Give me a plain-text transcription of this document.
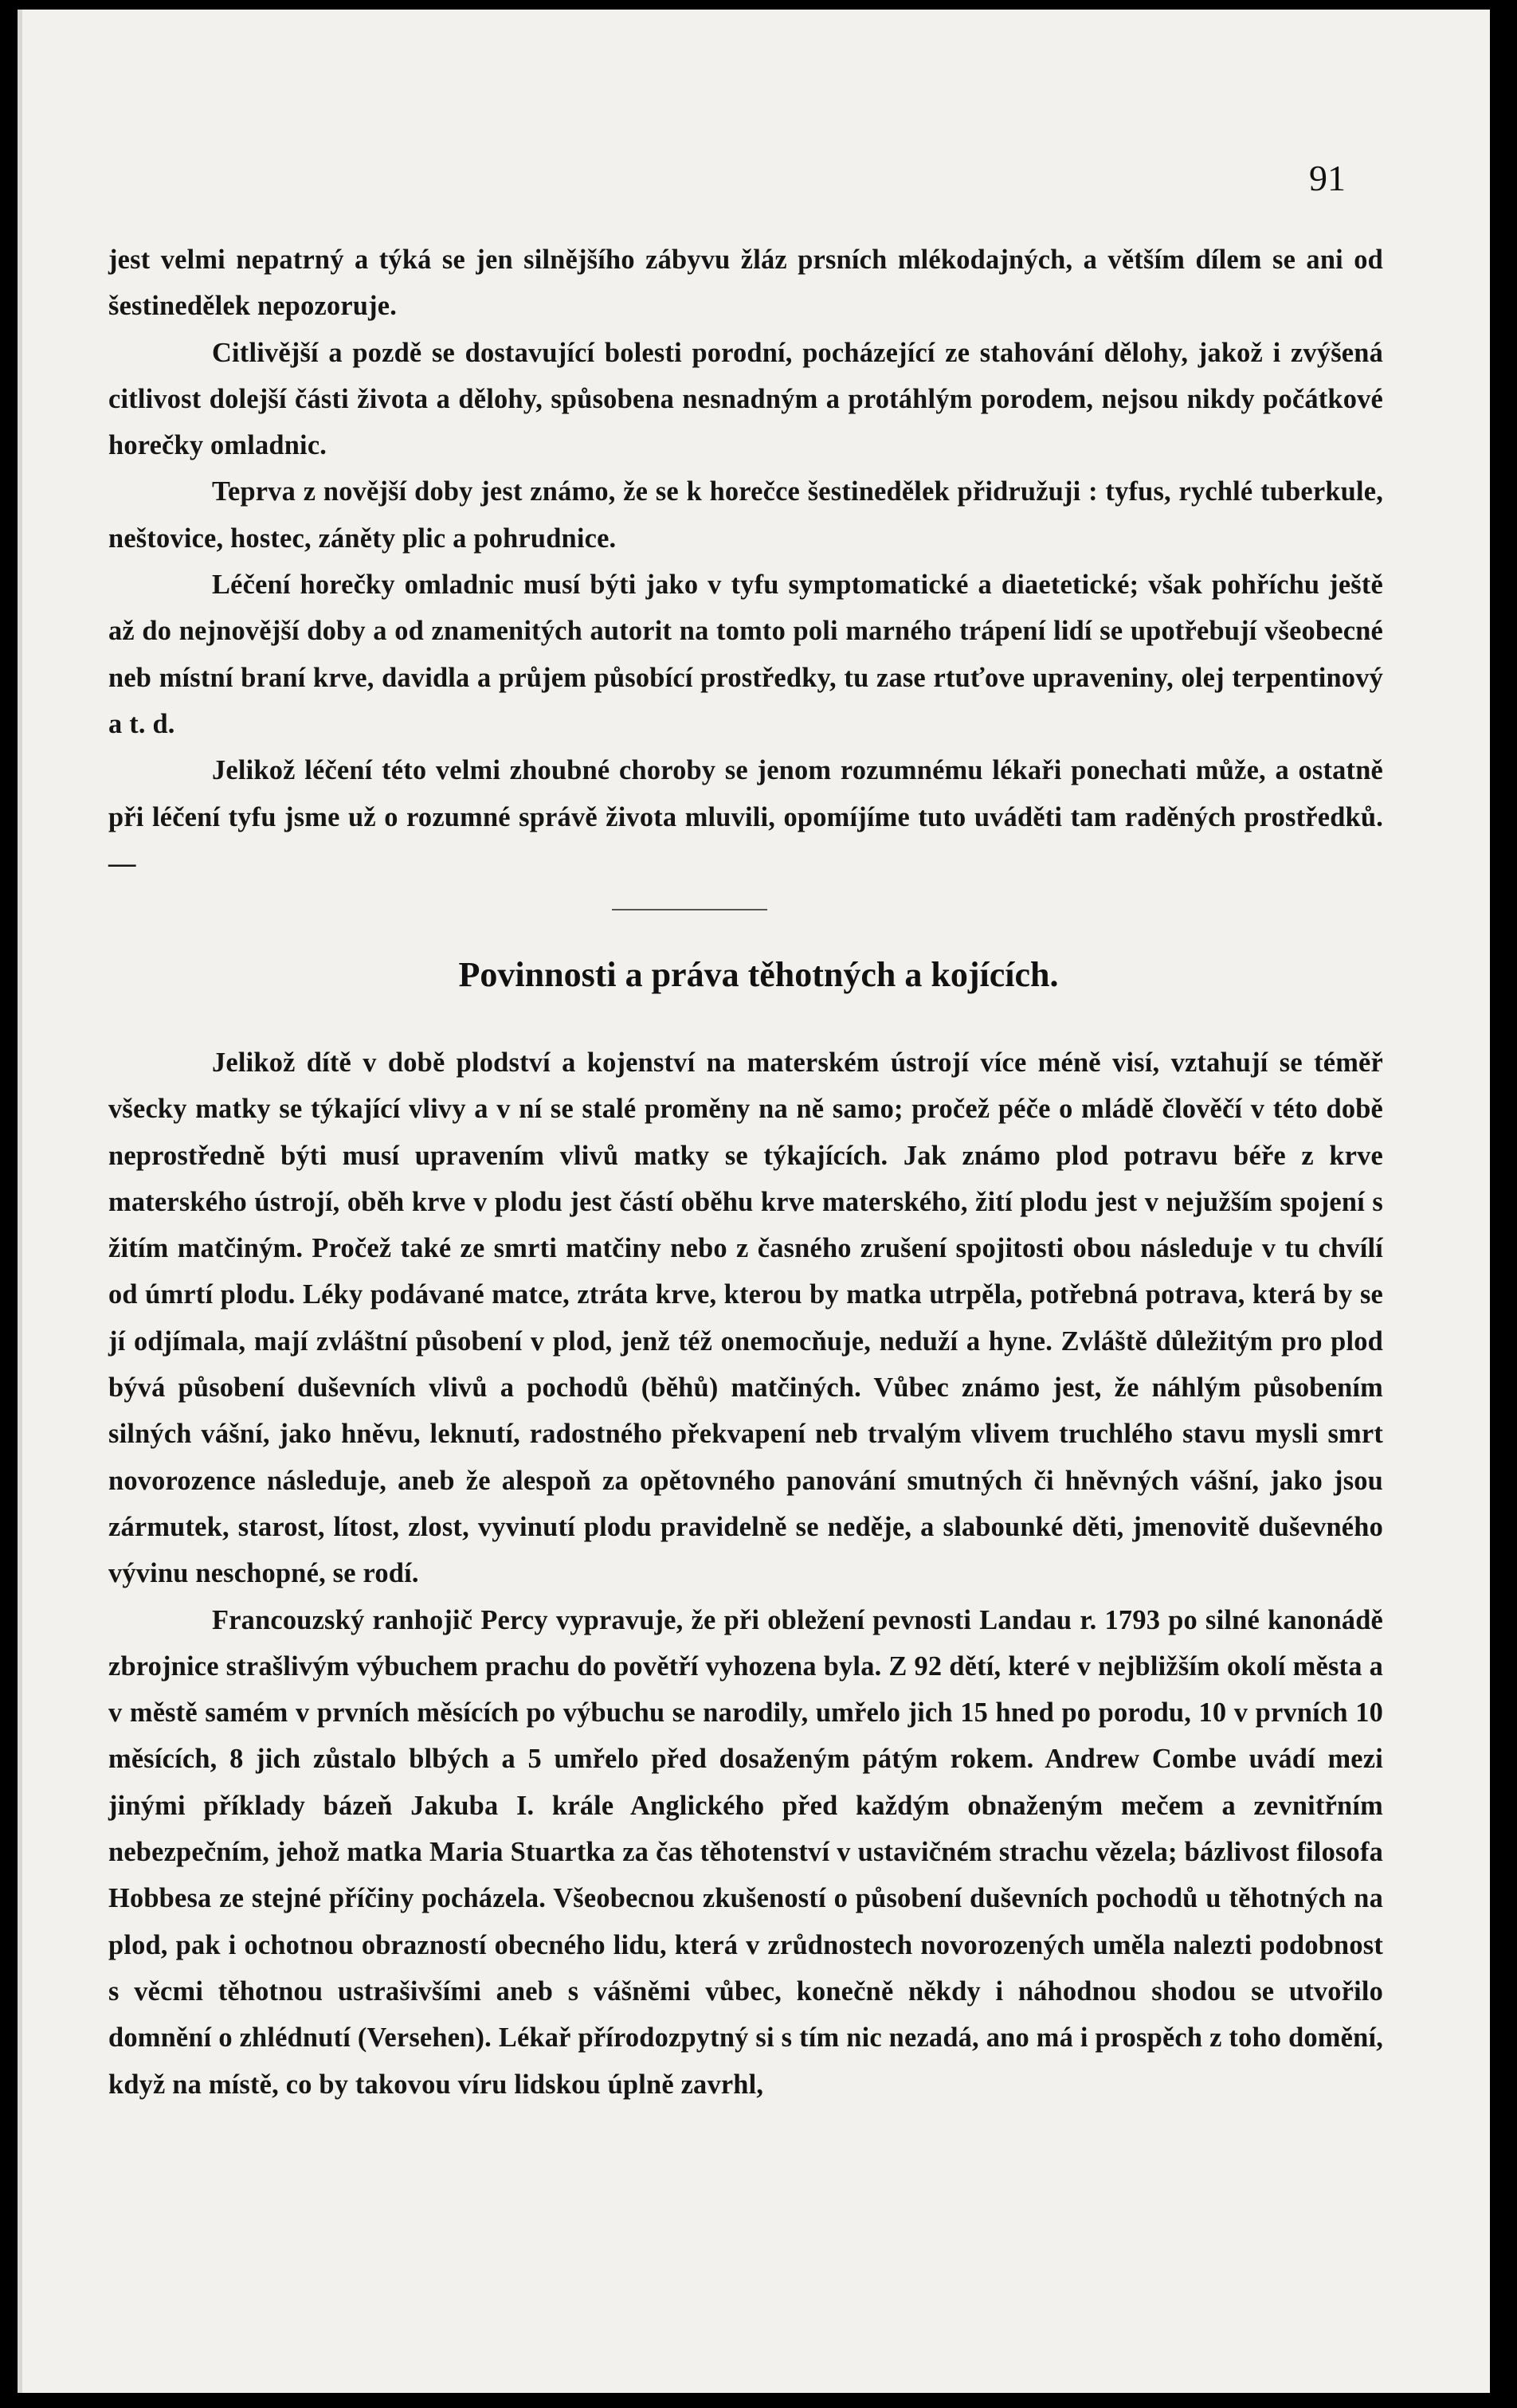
91

jest velmi nepatrný a týká se jen silnějšího zábyvu žláz prsních mlékodajných, a větším dílem se ani od šestinedělek nepozoruje.

Citlivější a pozdě se dostavující bolesti porodní, pocházející ze stahování dělohy, jakož i zvýšená citlivost dolejší části života a dělohy, spůsobena nesnadným a protáhlým porodem, nejsou nikdy počátkové horečky omladnic.

Teprva z novější doby jest známo, že se k horečce šestinedělek přidružuji : tyfus, rychlé tuberkule, neštovice, hostec, záněty plic a pohrudnice.

Léčení horečky omladnic musí býti jako v tyfu symptomatické a diaetetické; však pohříchu ještě až do nejnovější doby a od znamenitých autorit na tomto poli marného trápení lidí se upotřebují všeobecné neb místní braní krve, davidla a průjem působící prostředky, tu zase rtuťove upraveniny, olej terpentinový a t. d.

Jelikož léčení této velmi zhoubné choroby se jenom rozumnému lékaři ponechati může, a ostatně při léčení tyfu jsme už o rozumné správě života mluvili, opomíjíme tuto uváděti tam raděných prostředků. —

Povinnosti a práva těhotných a kojících.

Jelikož dítě v době plodství a kojenství na materském ústrojí více méně visí, vztahují se téměř všecky matky se týkající vlivy a v ní se stalé proměny na ně samo; pročež péče o mládě člověčí v této době neprostředně býti musí upravením vlivů matky se týkajících. Jak známo plod potravu béře z krve materského ústrojí, oběh krve v plodu jest částí oběhu krve materského, žití plodu jest v nejužším spojení s žitím matčiným. Pročež také ze smrti matčiny nebo z časného zrušení spojitosti obou následuje v tu chvílí od úmrtí plodu. Léky podávané matce, ztráta krve, kterou by matka utrpěla, potřebná potrava, která by se jí odjímala, mají zvláštní působení v plod, jenž též onemocňuje, neduží a hyne. Zvláště důležitým pro plod bývá působení duševních vlivů a pochodů (běhů) matčiných. Vůbec známo jest, že náhlým působením silných vášní, jako hněvu, leknutí, radostného překvapení neb trvalým vlivem truchlého stavu mysli smrt novorozence následuje, aneb že alespoň za opětovného panování smutných či hněvných vášní, jako jsou zármutek, starost, lítost, zlost, vyvinutí plodu pravidelně se neděje, a slabounké děti, jmenovitě duševného vývinu neschopné, se rodí.

Francouzský ranhojič Percy vypravuje, že při obležení pevnosti Landau r. 1793 po silné kanonádě zbrojnice strašlivým výbuchem prachu do povětří vyhozena byla. Z 92 dětí, které v nejbližším okolí města a v městě samém v prvních měsících po výbuchu se narodily, umřelo jich 15 hned po porodu, 10 v prvních 10 měsících, 8 jich zůstalo blbých a 5 umřelo před dosaženým pátým rokem. Andrew Combe uvádí mezi jinými příklady bázeň Jakuba I. krále Anglického před každým obnaženým mečem a zevnitřním nebezpečním, jehož matka Maria Stuartka za čas těhotenství v ustavičném strachu vězela; bázlivost filosofa Hobbesa ze stejné příčiny pocházela. Všeobecnou zkušeností o působení duševních pochodů u těhotných na plod, pak i ochotnou obrazností obecného lidu, která v zrůdnostech novorozených uměla nalezti podobnost s věcmi těhotnou ustrašivšími aneb s vášněmi vůbec, konečně někdy i náhodnou shodou se utvořilo domnění o zhlédnutí (Versehen). Lékař přírodozpytný si s tím nic nezadá, ano má i prospěch z toho domění, když na místě, co by takovou víru lidskou úplně zavrhl,
